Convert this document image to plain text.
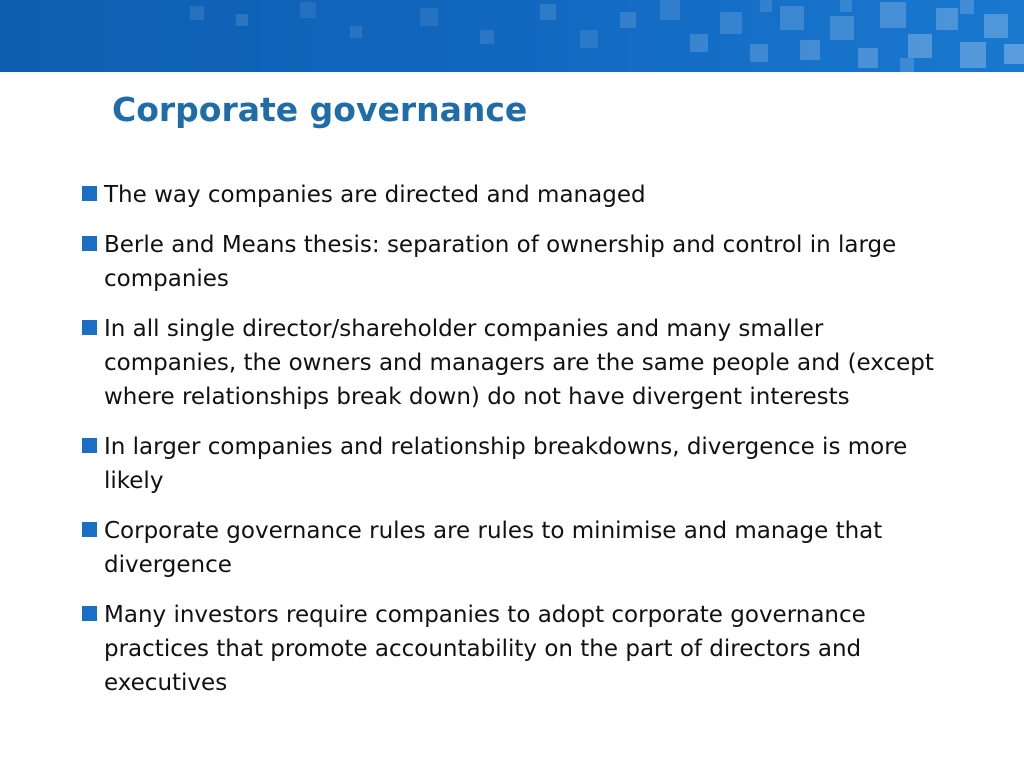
Corporate governance
The way companies are directed and managed
Berle and Means thesis: separation of ownership and control in large companies
In all single director/shareholder companies and many smaller companies, the owners and managers are the same people and (except where relationships break down) do not have divergent interests
In larger companies and relationship breakdowns, divergence is more likely
Corporate governance rules are rules to minimise and manage that divergence
Many investors require companies to adopt corporate governance practices that promote accountability on the part of directors and executives
